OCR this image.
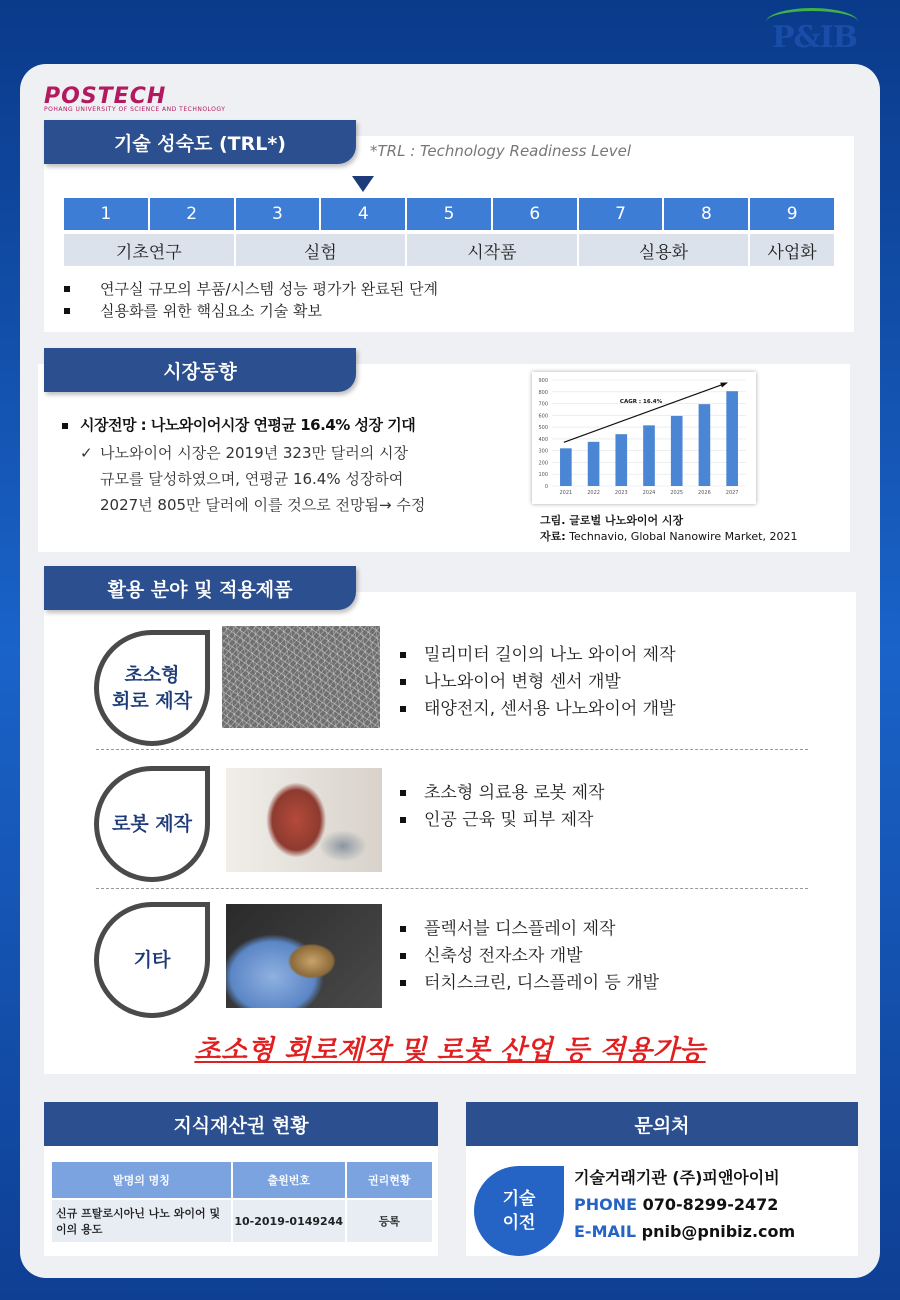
P&IB
POSTECH
POHANG UNIVERSITY OF SCIENCE AND TECHNOLOGY
기술 성숙도 (TRL*)	*TRL : Technology Readiness Level
1	2	3	4	5	6	7	8	9
기초연구	실험	시작품	실용화	사업화
연구실 규모의 부품/시스템 성능 평가가 완료된 단계
실용화를 위한 핵심요소 기술 확보
시장동향
시장전망 : 나노와이어시장 연평균 16.4% 성장 기대
✓ 나노와이어 시장은 2019년 323만 달러의 시장
규모를 달성하였으며, 연평균 16.4% 성장하여
2027년 805만 달러에 이를 것으로 전망됨→ 수정
0
100
200
300
400
500
600
700
800
900
2021	2022	2023	2024	2025	2026	2027
CAGR : 16.4%
그림. 글로벌 나노와이어 시장
자료: Technavio, Global Nanowire Market, 2021
활용 분야 및 적용제품
초소형
회로 제작
밀리미터 길이의 나노 와이어 제작
나노와이어 변형 센서 개발
태양전지, 센서용 나노와이어 개발
로봇 제작
초소형 의료용 로봇 제작
인공 근육 및 피부 제작
기타
플렉서블 디스플레이 제작
신축성 전자소자 개발
터치스크린, 디스플레이 등 개발
초소형 회로제작 및 로봇 산업 등 적용가능
지식재산권 현황
발명의 명칭	출원번호	권리현황
신규 프탈로시아닌 나노 와이어 및 이의 용도	10-2019-0149244	등록
문의처
기술
이전
기술거래기관 (주)피앤아이비
PHONE 070-8299-2472
E-MAIL pnib@pnibiz.com
